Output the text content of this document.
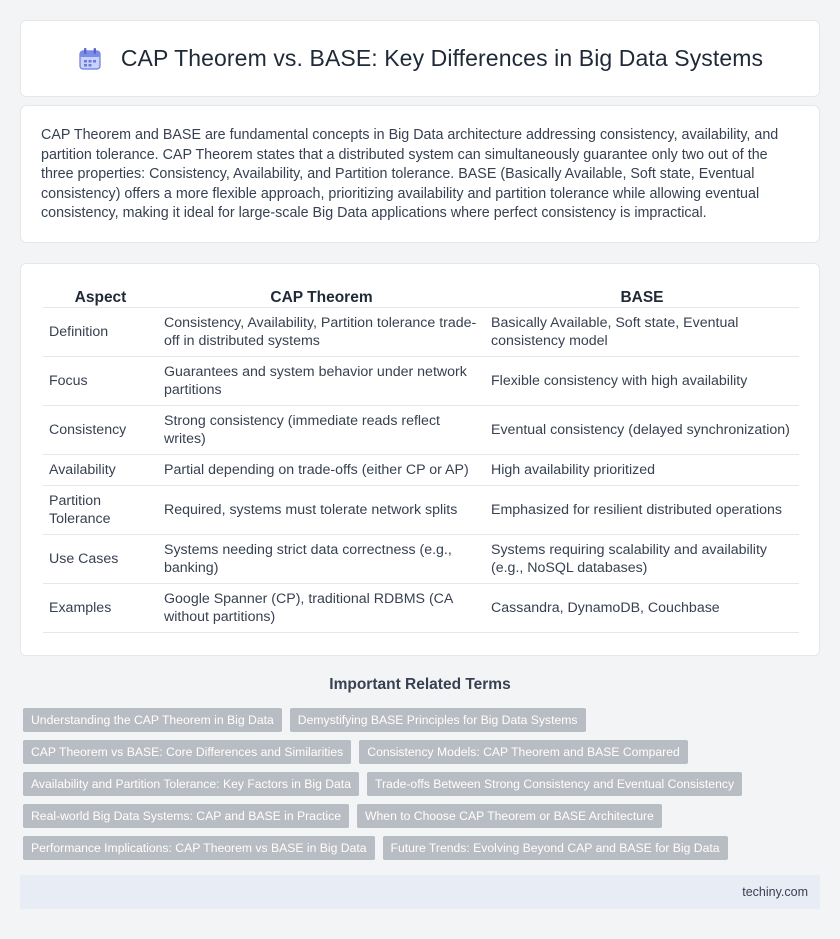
CAP Theorem vs. BASE: Key Differences in Big Data Systems

CAP Theorem and BASE are fundamental concepts in Big Data architecture addressing consistency, availability, and partition tolerance. CAP Theorem states that a distributed system can simultaneously guarantee only two out of the three properties: Consistency, Availability, and Partition tolerance. BASE (Basically Available, Soft state, Eventual consistency) offers a more flexible approach, prioritizing availability and partition tolerance while allowing eventual consistency, making it ideal for large-scale Big Data applications where perfect consistency is impractical.

Aspect	CAP Theorem	BASE
Definition	Consistency, Availability, Partition tolerance trade-off in distributed systems	Basically Available, Soft state, Eventual consistency model
Focus	Guarantees and system behavior under network partitions	Flexible consistency with high availability
Consistency	Strong consistency (immediate reads reflect writes)	Eventual consistency (delayed synchronization)
Availability	Partial depending on trade-offs (either CP or AP)	High availability prioritized
Partition Tolerance	Required, systems must tolerate network splits	Emphasized for resilient distributed operations
Use Cases	Systems needing strict data correctness (e.g., banking)	Systems requiring scalability and availability (e.g., NoSQL databases)
Examples	Google Spanner (CP), traditional RDBMS (CA without partitions)	Cassandra, DynamoDB, Couchbase
Important Related Terms
Understanding the CAP Theorem in Big Data	Demystifying BASE Principles for Big Data Systems
CAP Theorem vs BASE: Core Differences and Similarities	Consistency Models: CAP Theorem and BASE Compared
Availability and Partition Tolerance: Key Factors in Big Data	Trade-offs Between Strong Consistency and Eventual Consistency
Real-world Big Data Systems: CAP and BASE in Practice	When to Choose CAP Theorem or BASE Architecture
Performance Implications: CAP Theorem vs BASE in Big Data	Future Trends: Evolving Beyond CAP and BASE for Big Data
techiny.com
